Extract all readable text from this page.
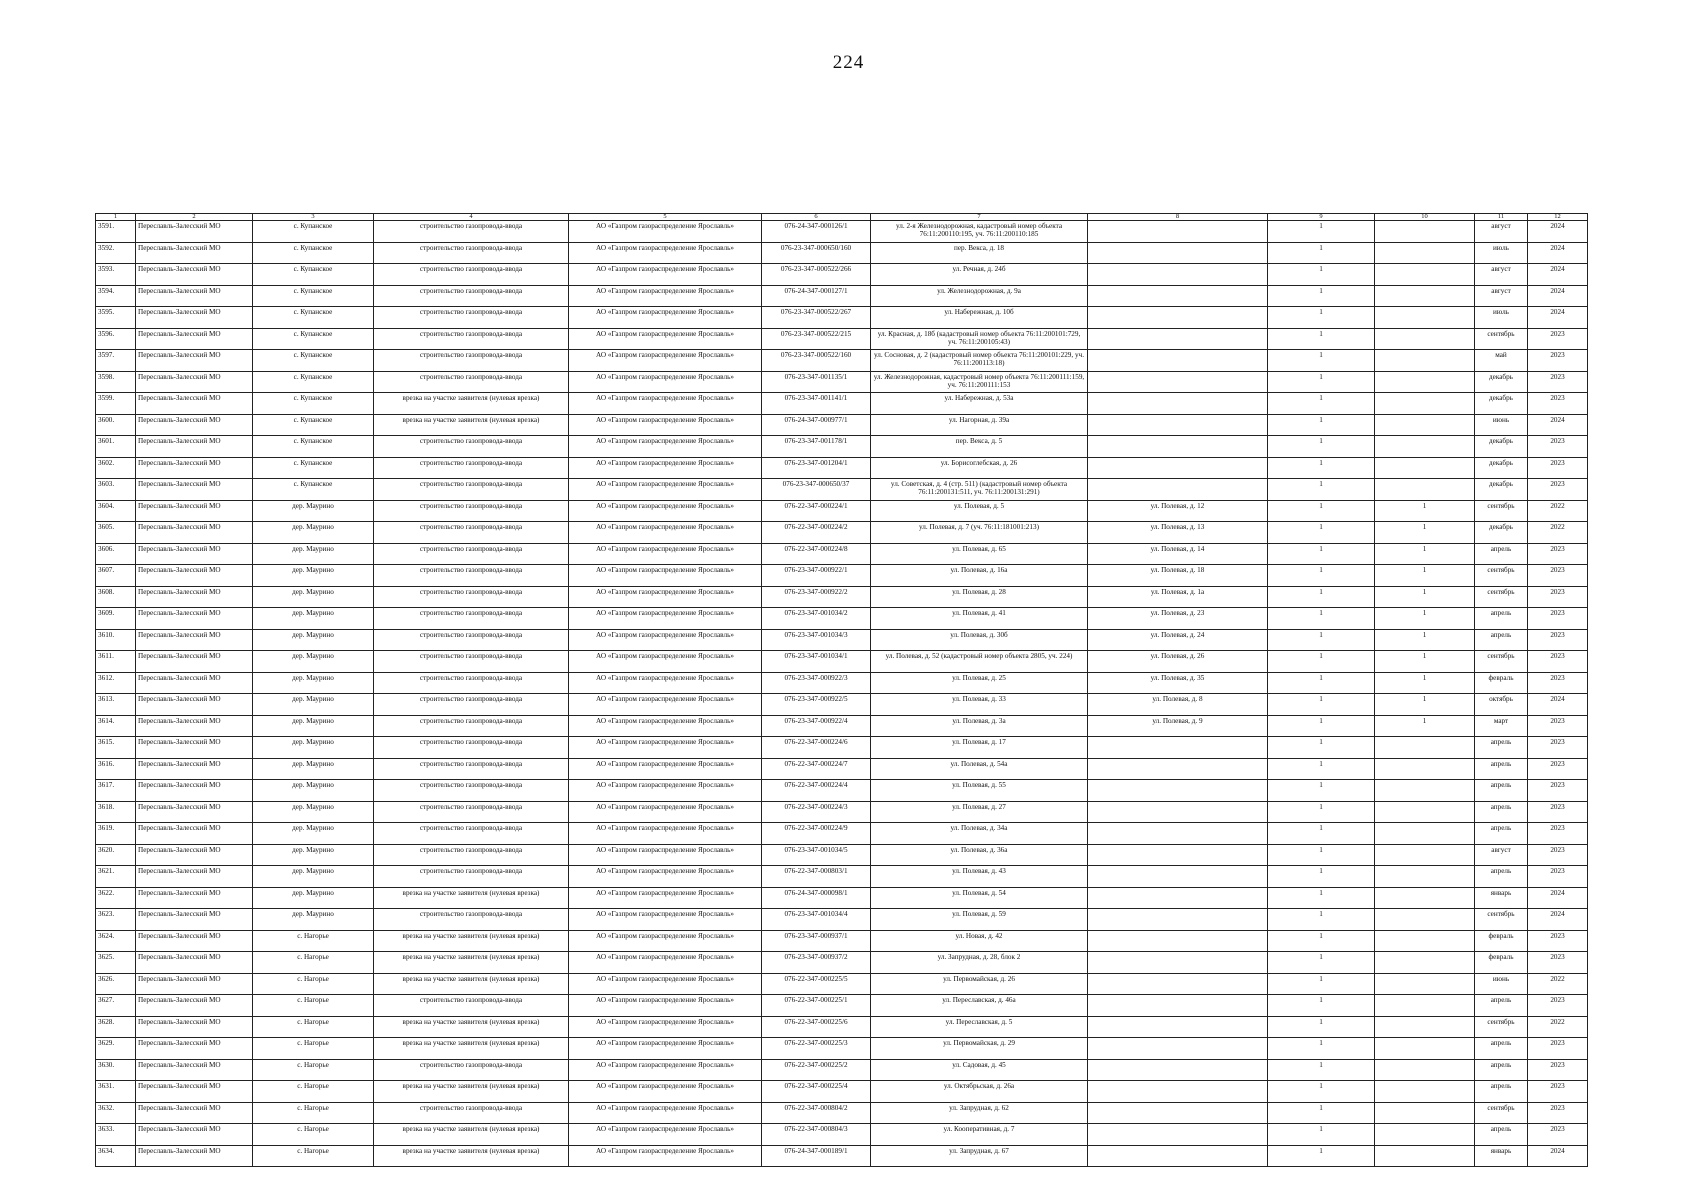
224
1	2	3	4	5	6	7	8	9	10	11	12
3591.	Переславль-Залесский МО	с. Купанское	строительство газопровода-ввода	АО «Газпром газораспределение Ярославль»	076-24-347-000126/1	ул. 2-я Железнодорожная, кадастровый номер объекта 76:11:200110:195, уч. 76:11:200110:185		1		август	2024
3592.	Переславль-Залесский МО	с. Купанское	строительство газопровода-ввода	АО «Газпром газораспределение Ярославль»	076-23-347-000650/160	пер. Векса, д. 18		1		июль	2024
3593.	Переславль-Залесский МО	с. Купанское	строительство газопровода-ввода	АО «Газпром газораспределение Ярославль»	076-23-347-000522/266	ул. Речная, д. 24б		1		август	2024
3594.	Переславль-Залесский МО	с. Купанское	строительство газопровода-ввода	АО «Газпром газораспределение Ярославль»	076-24-347-000127/1	ул. Железнодорожная, д. 9а		1		август	2024
3595.	Переславль-Залесский МО	с. Купанское	строительство газопровода-ввода	АО «Газпром газораспределение Ярославль»	076-23-347-000522/267	ул. Набережная, д. 10б		1		июль	2024
3596.	Переславль-Залесский МО	с. Купанское	строительство газопровода-ввода	АО «Газпром газораспределение Ярославль»	076-23-347-000522/215	ул. Красная, д. 18б (кадастровый номер объекта 76:11:200101:729, уч. 76:11:200105:43)		1		сентябрь	2023
3597.	Переславль-Залесский МО	с. Купанское	строительство газопровода-ввода	АО «Газпром газораспределение Ярославль»	076-23-347-000522/160	ул. Сосновая, д. 2 (кадастровый номер объекта 76:11:200101:229, уч. 76:11:200113:18)		1		май	2023
3598.	Переславль-Залесский МО	с. Купанское	строительство газопровода-ввода	АО «Газпром газораспределение Ярославль»	076-23-347-001135/1	ул. Железнодорожная, кадастровый номер объекта 76:11:200111:159, уч. 76:11:200111:153		1		декабрь	2023
3599.	Переславль-Залесский МО	с. Купанское	врезка на участке заявителя (нулевая врезка)	АО «Газпром газораспределение Ярославль»	076-23-347-001141/1	ул. Набережная, д. 53а		1		декабрь	2023
3600.	Переславль-Залесский МО	с. Купанское	врезка на участке заявителя (нулевая врезка)	АО «Газпром газораспределение Ярославль»	076-24-347-000977/1	ул. Нагорная, д. 39а		1		июнь	2024
3601.	Переславль-Залесский МО	с. Купанское	строительство газопровода-ввода	АО «Газпром газораспределение Ярославль»	076-23-347-001178/1	пер. Векса, д. 5		1		декабрь	2023
3602.	Переславль-Залесский МО	с. Купанское	строительство газопровода-ввода	АО «Газпром газораспределение Ярославль»	076-23-347-001204/1	ул. Борисоглебская, д. 26		1		декабрь	2023
3603.	Переславль-Залесский МО	с. Купанское	строительство газопровода-ввода	АО «Газпром газораспределение Ярославль»	076-23-347-000650/37	ул. Советская, д. 4 (стр. 511) (кадастровый номер объекта 76:11:200131:511, уч. 76:11:200131:291)		1		декабрь	2023
3604.	Переславль-Залесский МО	дер. Маурино	строительство газопровода-ввода	АО «Газпром газораспределение Ярославль»	076-22-347-000224/1	ул. Полевая, д. 5	ул. Полевая, д. 12	1	1	сентябрь	2022
3605.	Переславль-Залесский МО	дер. Маурино	строительство газопровода-ввода	АО «Газпром газораспределение Ярославль»	076-22-347-000224/2	ул. Полевая, д. 7 (уч. 76:11:181001:213)	ул. Полевая, д. 13	1	1	декабрь	2022
3606.	Переславль-Залесский МО	дер. Маурино	строительство газопровода-ввода	АО «Газпром газораспределение Ярославль»	076-22-347-000224/8	ул. Полевая, д. 65	ул. Полевая, д. 14	1	1	апрель	2023
3607.	Переславль-Залесский МО	дер. Маурино	строительство газопровода-ввода	АО «Газпром газораспределение Ярославль»	076-23-347-000922/1	ул. Полевая, д. 16а	ул. Полевая, д. 18	1	1	сентябрь	2023
3608.	Переславль-Залесский МО	дер. Маурино	строительство газопровода-ввода	АО «Газпром газораспределение Ярославль»	076-23-347-000922/2	ул. Полевая, д. 28	ул. Полевая, д. 1а	1	1	сентябрь	2023
3609.	Переславль-Залесский МО	дер. Маурино	строительство газопровода-ввода	АО «Газпром газораспределение Ярославль»	076-23-347-001034/2	ул. Полевая, д. 41	ул. Полевая, д. 23	1	1	апрель	2023
3610.	Переславль-Залесский МО	дер. Маурино	строительство газопровода-ввода	АО «Газпром газораспределение Ярославль»	076-23-347-001034/3	ул. Полевая, д. 30б	ул. Полевая, д. 24	1	1	апрель	2023
3611.	Переславль-Залесский МО	дер. Маурино	строительство газопровода-ввода	АО «Газпром газораспределение Ярославль»	076-23-347-001034/1	ул. Полевая, д. 52 (кадастровый номер объекта 2805, уч. 224)	ул. Полевая, д. 26	1	1	сентябрь	2023
3612.	Переславль-Залесский МО	дер. Маурино	строительство газопровода-ввода	АО «Газпром газораспределение Ярославль»	076-23-347-000922/3	ул. Полевая, д. 25	ул. Полевая, д. 35	1	1	февраль	2023
3613.	Переславль-Залесский МО	дер. Маурино	строительство газопровода-ввода	АО «Газпром газораспределение Ярославль»	076-23-347-000922/5	ул. Полевая, д. 33	ул. Полевая, д. 8	1	1	октябрь	2024
3614.	Переславль-Залесский МО	дер. Маурино	строительство газопровода-ввода	АО «Газпром газораспределение Ярославль»	076-23-347-000922/4	ул. Полевая, д. 3а	ул. Полевая, д. 9	1	1	март	2023
3615.	Переславль-Залесский МО	дер. Маурино	строительство газопровода-ввода	АО «Газпром газораспределение Ярославль»	076-22-347-000224/6	ул. Полевая, д. 17		1		апрель	2023
3616.	Переславль-Залесский МО	дер. Маурино	строительство газопровода-ввода	АО «Газпром газораспределение Ярославль»	076-22-347-000224/7	ул. Полевая, д. 54а		1		апрель	2023
3617.	Переславль-Залесский МО	дер. Маурино	строительство газопровода-ввода	АО «Газпром газораспределение Ярославль»	076-22-347-000224/4	ул. Полевая, д. 55		1		апрель	2023
3618.	Переславль-Залесский МО	дер. Маурино	строительство газопровода-ввода	АО «Газпром газораспределение Ярославль»	076-22-347-000224/3	ул. Полевая, д. 27		1		апрель	2023
3619.	Переславль-Залесский МО	дер. Маурино	строительство газопровода-ввода	АО «Газпром газораспределение Ярославль»	076-22-347-000224/9	ул. Полевая, д. 34а		1		апрель	2023
3620.	Переславль-Залесский МО	дер. Маурино	строительство газопровода-ввода	АО «Газпром газораспределение Ярославль»	076-23-347-001034/5	ул. Полевая, д. 36а		1		август	2023
3621.	Переславль-Залесский МО	дер. Маурино	строительство газопровода-ввода	АО «Газпром газораспределение Ярославль»	076-22-347-000803/1	ул. Полевая, д. 43		1		апрель	2023
3622.	Переславль-Залесский МО	дер. Маурино	врезка на участке заявителя (нулевая врезка)	АО «Газпром газораспределение Ярославль»	076-24-347-000098/1	ул. Полевая, д. 54		1		январь	2024
3623.	Переславль-Залесский МО	дер. Маурино	строительство газопровода-ввода	АО «Газпром газораспределение Ярославль»	076-23-347-001034/4	ул. Полевая, д. 59		1		сентябрь	2024
3624.	Переславль-Залесский МО	с. Нагорье	врезка на участке заявителя (нулевая врезка)	АО «Газпром газораспределение Ярославль»	076-23-347-000937/1	ул. Новая, д. 42		1		февраль	2023
3625.	Переславль-Залесский МО	с. Нагорье	врезка на участке заявителя (нулевая врезка)	АО «Газпром газораспределение Ярославль»	076-23-347-000937/2	ул. Запрудная, д. 28, блок 2		1		февраль	2023
3626.	Переславль-Залесский МО	с. Нагорье	врезка на участке заявителя (нулевая врезка)	АО «Газпром газораспределение Ярославль»	076-22-347-000225/5	ул. Первомайская, д. 26		1		июнь	2022
3627.	Переславль-Залесский МО	с. Нагорье	строительство газопровода-ввода	АО «Газпром газораспределение Ярославль»	076-22-347-000225/1	ул. Переславская, д. 46а		1		апрель	2023
3628.	Переславль-Залесский МО	с. Нагорье	врезка на участке заявителя (нулевая врезка)	АО «Газпром газораспределение Ярославль»	076-22-347-000225/6	ул. Переславская, д. 5		1		сентябрь	2022
3629.	Переславль-Залесский МО	с. Нагорье	врезка на участке заявителя (нулевая врезка)	АО «Газпром газораспределение Ярославль»	076-22-347-000225/3	ул. Первомайская, д. 29		1		апрель	2023
3630.	Переславль-Залесский МО	с. Нагорье	строительство газопровода-ввода	АО «Газпром газораспределение Ярославль»	076-22-347-000225/2	ул. Садовая, д. 45		1		апрель	2023
3631.	Переславль-Залесский МО	с. Нагорье	врезка на участке заявителя (нулевая врезка)	АО «Газпром газораспределение Ярославль»	076-22-347-000225/4	ул. Октябрьская, д. 26а		1		апрель	2023
3632.	Переславль-Залесский МО	с. Нагорье	строительство газопровода-ввода	АО «Газпром газораспределение Ярославль»	076-22-347-000804/2	ул. Запрудная, д. 62		1		сентябрь	2023
3633.	Переславль-Залесский МО	с. Нагорье	врезка на участке заявителя (нулевая врезка)	АО «Газпром газораспределение Ярославль»	076-22-347-000804/3	ул. Кооперативная, д. 7		1		апрель	2023
3634.	Переславль-Залесский МО	с. Нагорье	врезка на участке заявителя (нулевая врезка)	АО «Газпром газораспределение Ярославль»	076-24-347-000189/1	ул. Запрудная, д. 67		1		январь	2024
